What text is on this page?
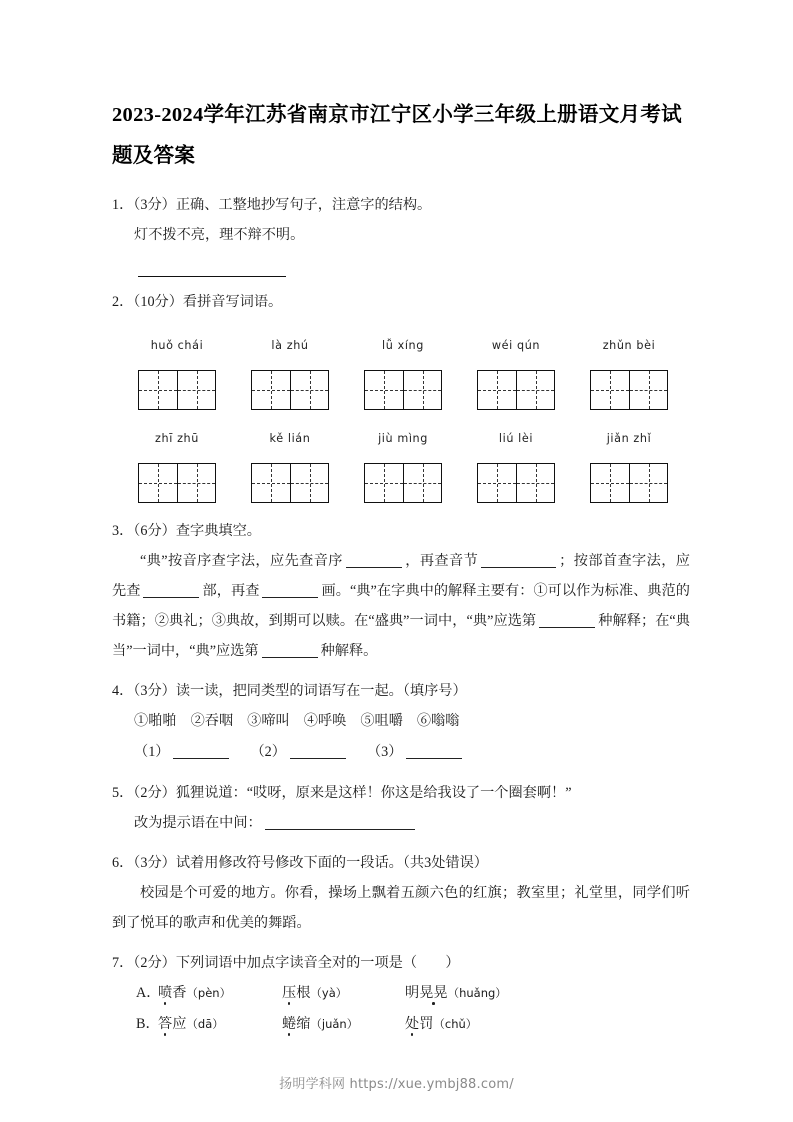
2023-2024学年江苏省南京市江宁区小学三年级上册语文月考试题及答案
1．（3分）正确、工整地抄写句子，注意字的结构。
灯不拨不亮，理不辩不明。
2．（10分）看拼音写词语。
huǒ chái	là zhú	lǚ xíng	wéi qún	zhǔn bèi
zhī zhū	kě lián	jiù mìng	liú lèi	jiǎn zhǐ
3．（6分）查字典填空。
“典”按音序查字法，应先查音序	，再查音节	；按部首查字法，应先查	部，再查	画。“典”在字典中的解释主要有：①可以作为标准、典范的书籍；②典礼；③典故，到期可以赎。在“盛典”一词中，“典”应选第	种解释；在“典当”一词中，“典”应选第	种解释。
4．（3分）读一读，把同类型的词语写在一起。（填序号）
①啪啪 ②吞咽 ③啼叫 ④呼唤 ⑤咀嚼 ⑥嗡嗡
（1）	（2）	（3）
5．（2分）狐狸说道：“哎呀，原来是这样！你这是给我设了一个圈套啊！”
改为提示语在中间：
6．（3分）试着用修改符号修改下面的一段话。（共3处错误）
校园是个可爱的地方。你看，操场上飘着五颜六色的红旗；教室里；礼堂里，同学们听到了悦耳的歌声和优美的舞蹈。
7．（2分）下列词语中加点字读音全对的一项是（　　）
A．
喷香（pèn）	压根（yà）	明晃晃（huǎng）
B．
答应（dā）	蜷缩（juǎn）	处罚（chǔ）
扬明学科网 https://xue.ymbj88.com/
